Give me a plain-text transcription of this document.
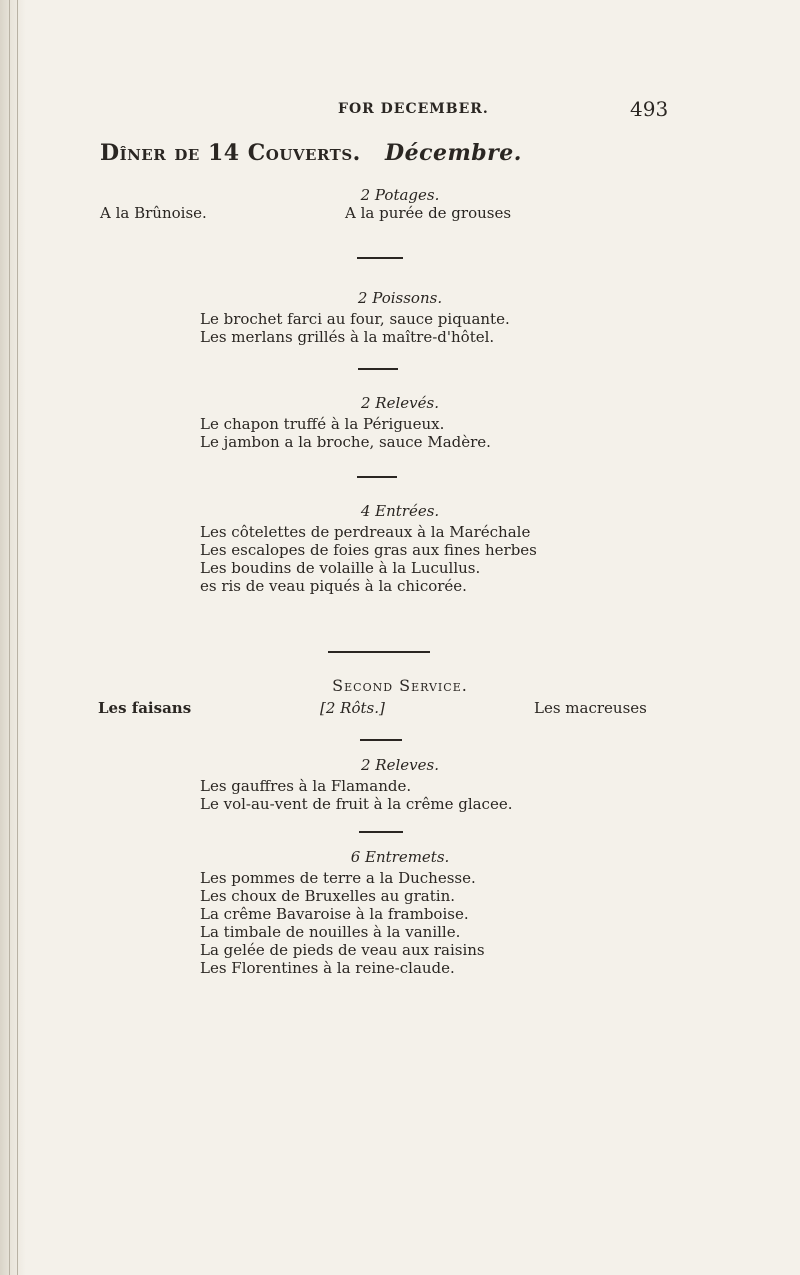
FOR DECEMBER.	493
Dîner de 14 Couverts. Décembre.
2 Potages.
A la Brûnoise.	A la purée de grouses
2 Poissons.
Le brochet farci au four, sauce piquante.
Les merlans grillés à la maître-d'hôtel.
2 Relevés.
Le chapon truffé à la Périgueux.
Le jambon a la broche, sauce Madère.
4 Entrées.
Les côtelettes de perdreaux à la Maréchale
Les escalopes de foies gras aux fines herbes
Les boudins de volaille à la Lucullus.
es ris de veau piqués à la chicorée.
Second Service.
Les faisans	[2 Rôts.]	Les macreuses
2 Releves.
Les gauffres à la Flamande.
Le vol-au-vent de fruit à la crême glacee.
6 Entremets.
Les pommes de terre a la Duchesse.
Les choux de Bruxelles au gratin.
La crême Bavaroise à la framboise.
La timbale de nouilles à la vanille.
La gelée de pieds de veau aux raisins
Les Florentines à la reine-claude.
